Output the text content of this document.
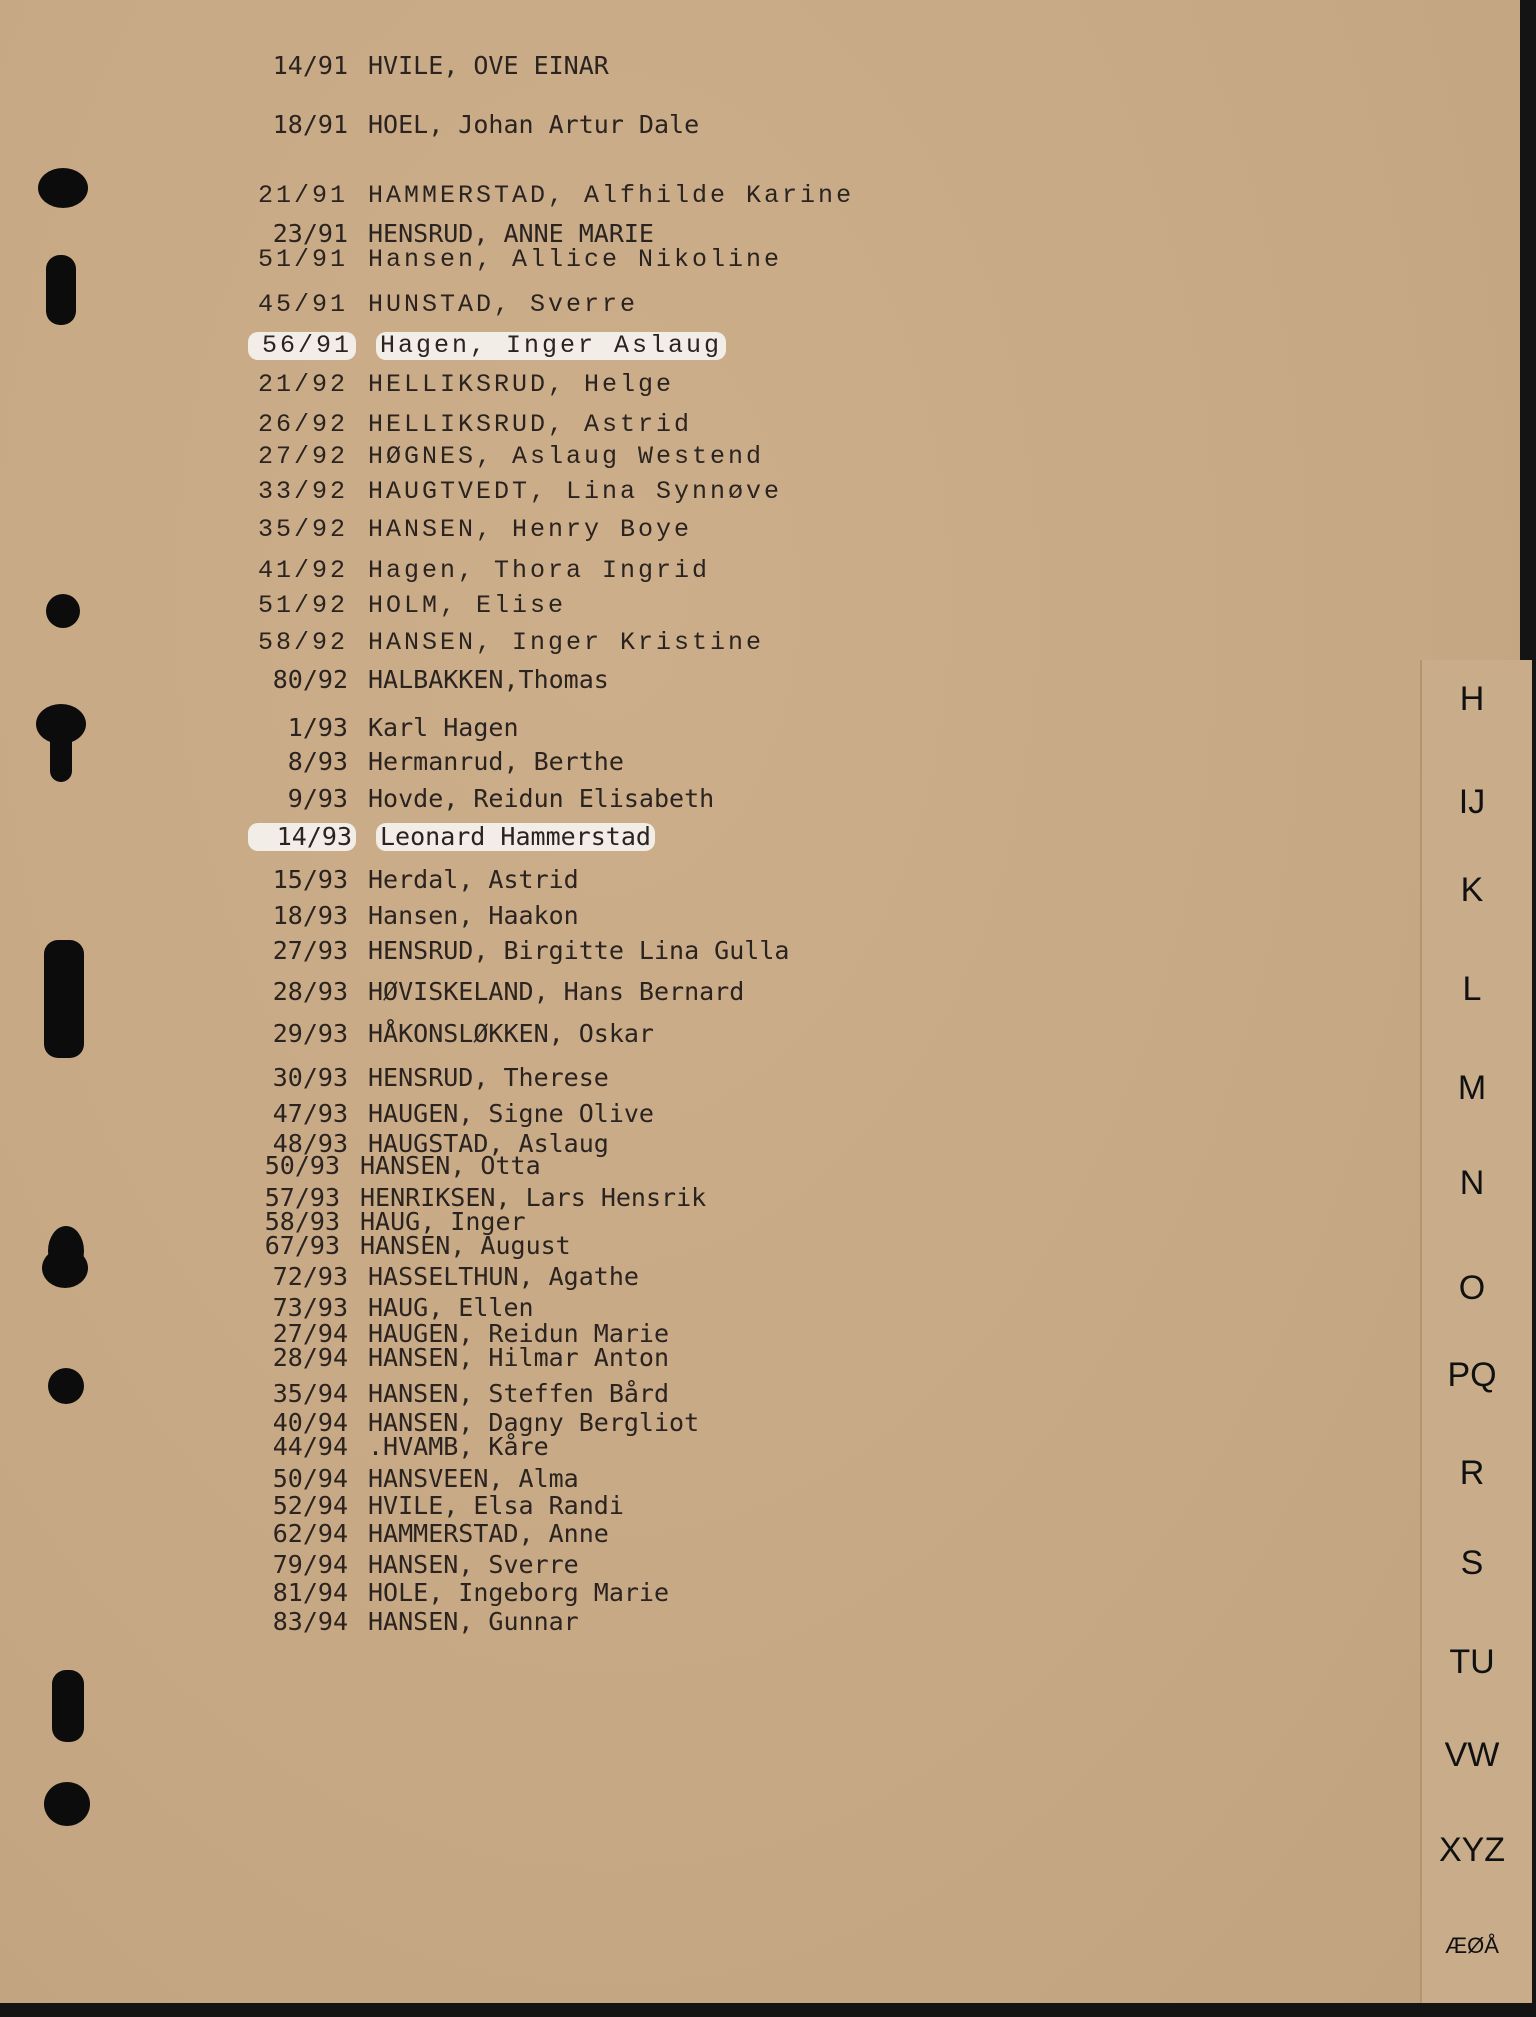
14/91 HVILE, OVE EINAR
18/91 HOEL, Johan Artur Dale
21/91 HAMMERSTAD, Alfhilde Karine
23/91 HENSRUD, ANNE MARIE
51/91 Hansen, Allice Nikoline
45/91 HUNSTAD, Sverre
56/91 Hagen, Inger Aslaug
21/92 HELLIKSRUD, Helge
26/92 HELLIKSRUD, Astrid
27/92 HØGNES, Aslaug Westend
33/92 HAUGTVEDT, Lina Synnøve
35/92 HANSEN, Henry Boye
41/92 Hagen, Thora Ingrid
51/92 HOLM, Elise
58/92 HANSEN, Inger Kristine
80/92 HALBAKKEN,Thomas
1/93 Karl Hagen
8/93 Hermanrud, Berthe
9/93 Hovde, Reidun Elisabeth
14/93 Leonard Hammerstad
15/93 Herdal, Astrid
18/93 Hansen, Haakon
27/93 HENSRUD, Birgitte Lina Gulla
28/93 HØVISKELAND, Hans Bernard
29/93 HÅKONSLØKKEN, Oskar
30/93 HENSRUD, Therese
47/93 HAUGEN, Signe Olive
48/93 HAUGSTAD, Aslaug
50/93 HANSEN, Otta
57/93 HENRIKSEN, Lars Hensrik
58/93 HAUG, Inger
67/93 HANSEN, August
72/93 HASSELTHUN, Agathe
73/93 HAUG, Ellen
27/94 HAUGEN, Reidun Marie
28/94 HANSEN, Hilmar Anton
35/94 HANSEN, Steffen Bård
40/94 HANSEN, Dagny Bergliot
44/94 .HVAMB, Kåre
50/94 HANSVEEN, Alma
52/94 HVILE, Elsa Randi
62/94 HAMMERSTAD, Anne
79/94 HANSEN, Sverre
81/94 HOLE, Ingeborg Marie
83/94 HANSEN, Gunnar
H
IJ
K
L
M
N
O
PQ
R
S
TU
VW
XYZ
ÆØÅ
